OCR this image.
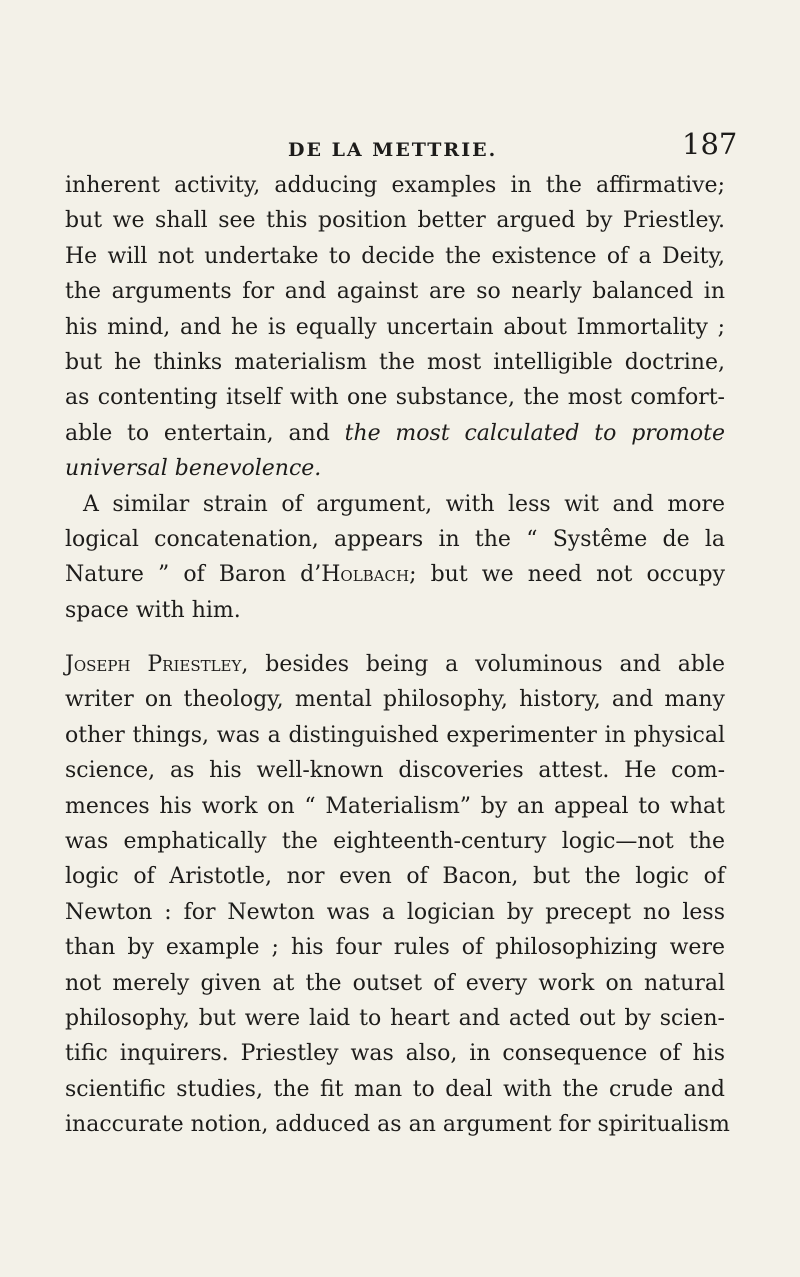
DE LA METTRIE.	187
inherent activity, adducing examples in the affirmative;
but we shall see this position better argued by Priestley.
He will not undertake to decide the existence of a Deity,
the arguments for and against are so nearly balanced in
his mind, and he is equally uncertain about Immortality ;
but he thinks materialism the most intelligible doctrine,
as contenting itself with one substance, the most comfort-
able to entertain, and the most calculated to promote
universal benevolence.
A similar strain of argument, with less wit and more
logical concatenation, appears in the “ Systême de la
Nature ” of Baron d’Holbach; but we need not occupy
space with him.
Joseph Priestley, besides being a voluminous and able
writer on theology, mental philosophy, history, and many
other things, was a distinguished experimenter in physical
science, as his well-known discoveries attest. He com-
mences his work on “ Materialism” by an appeal to what
was emphatically the eighteenth-century logic—not the
logic of Aristotle, nor even of Bacon, but the logic of
Newton : for Newton was a logician by precept no less
than by example ; his four rules of philosophizing were
not merely given at the outset of every work on natural
philosophy, but were laid to heart and acted out by scien-
tific inquirers. Priestley was also, in consequence of his
scientific studies, the fit man to deal with the crude and
inaccurate notion, adduced as an argument for spiritualism
